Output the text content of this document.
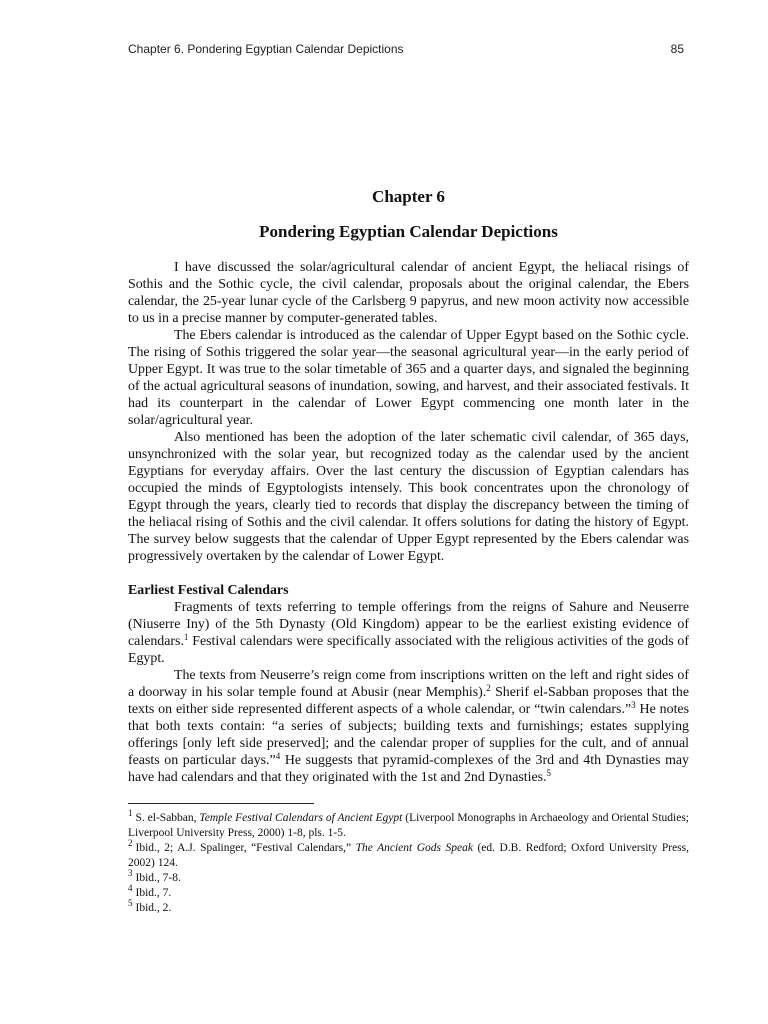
Chapter 6. Pondering Egyptian Calendar Depictions	85
Chapter 6
Pondering Egyptian Calendar Depictions

I have discussed the solar/agricultural calendar of ancient Egypt, the heliacal risings of Sothis and the Sothic cycle, the civil calendar, proposals about the original calendar, the Ebers calendar, the 25-year lunar cycle of the Carlsberg 9 papyrus, and new moon activity now accessible to us in a precise manner by computer-generated tables.

The Ebers calendar is introduced as the calendar of Upper Egypt based on the Sothic cycle. The rising of Sothis triggered the solar year—the seasonal agricultural year—in the early period of Upper Egypt. It was true to the solar timetable of 365 and a quarter days, and signaled the beginning of the actual agricultural seasons of inundation, sowing, and harvest, and their associated festivals. It had its counterpart in the calendar of Lower Egypt commencing one month later in the solar/agricultural year.

Also mentioned has been the adoption of the later schematic civil calendar, of 365 days, unsynchronized with the solar year, but recognized today as the calendar used by the ancient Egyptians for everyday affairs. Over the last century the discussion of Egyptian calendars has occupied the minds of Egyptologists intensely. This book concentrates upon the chronology of Egypt through the years, clearly tied to records that display the discrepancy between the timing of the heliacal rising of Sothis and the civil calendar. It offers solutions for dating the history of Egypt. The survey below suggests that the calendar of Upper Egypt represented by the Ebers calendar was progressively overtaken by the calendar of Lower Egypt.

Earliest Festival Calendars

Fragments of texts referring to temple offerings from the reigns of Sahure and Neuserre (Niuserre Iny) of the 5th Dynasty (Old Kingdom) appear to be the earliest existing evidence of calendars.$^1$ Festival calendars were specifically associated with the religious activities of the gods of Egypt.

The texts from Neuserre’s reign come from inscriptions written on the left and right sides of a doorway in his solar temple found at Abusir (near Memphis).$^2$ Sherif el-Sabban proposes that the texts on either side represented different aspects of a whole calendar, or “twin calendars.”$^3$ He notes that both texts contain: “a series of subjects; building texts and furnishings; estates supplying offerings [only left side preserved]; and the calendar proper of supplies for the cult, and of annual feasts on particular days.”$^4$ He suggests that pyramid-complexes of the 3rd and 4th Dynasties may have had calendars and that they originated with the 1st and 2nd Dynasties.$^5$

$^1$ S. el-Sabban, Temple Festival Calendars of Ancient Egypt (Liverpool Monographs in Archaeology and Oriental Studies; Liverpool University Press, 2000) 1-8, pls. 1-5.

$^2$ Ibid., 2; A.J. Spalinger, “Festival Calendars,” The Ancient Gods Speak (ed. D.B. Redford; Oxford University Press, 2002) 124.

$^3$ Ibid., 7-8.

$^4$ Ibid., 7.

$^5$ Ibid., 2.
